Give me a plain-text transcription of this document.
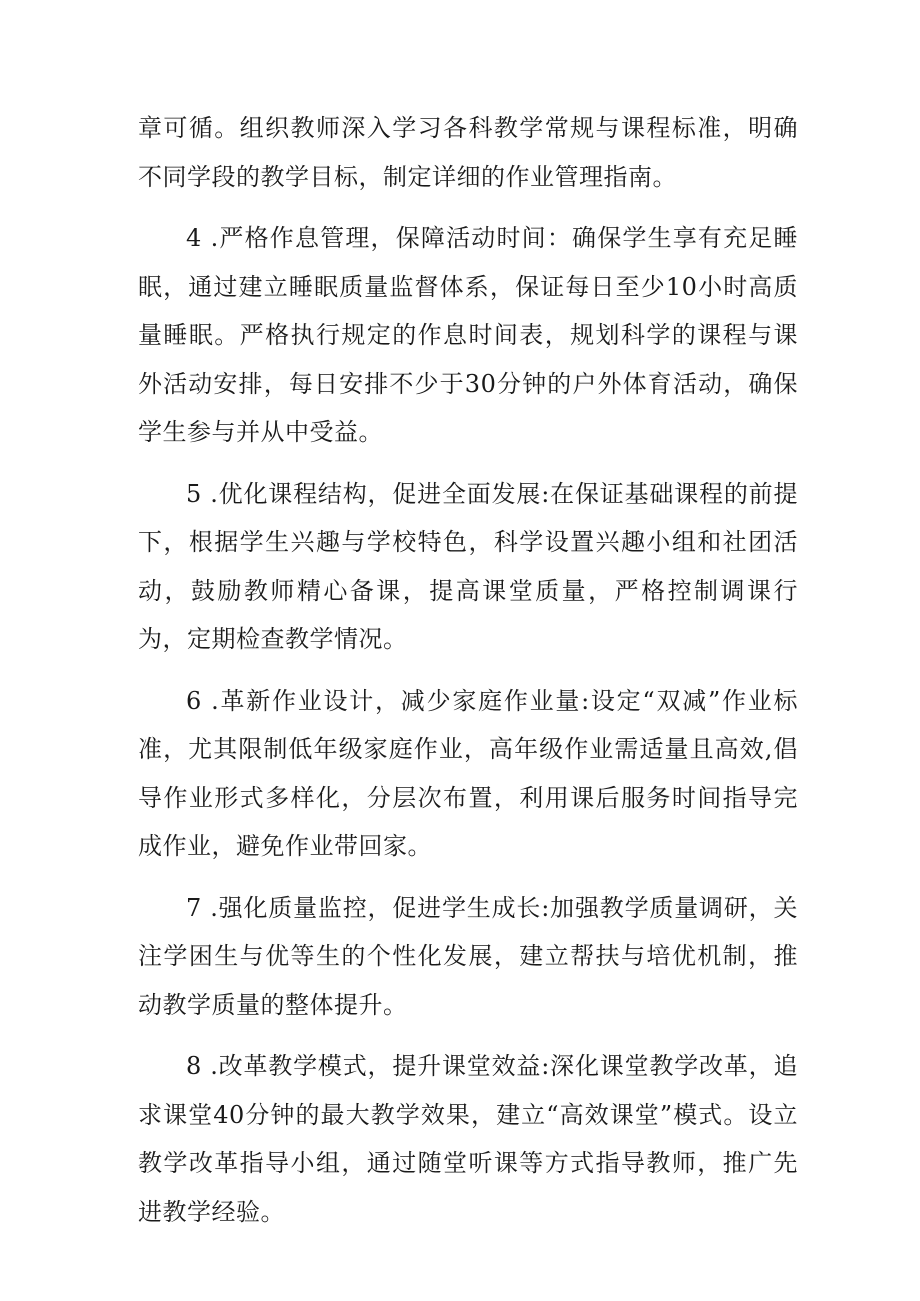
章可循。组织教师深入学习各科教学常规与课程标准，明确不同学段的教学目标，制定详细的作业管理指南。

4 .严格作息管理，保障活动时间：确保学生享有充足睡眠，通过建立睡眠质量监督体系，保证每日至少10小时高质量睡眠。严格执行规定的作息时间表，规划科学的课程与课外活动安排，每日安排不少于30分钟的户外体育活动，确保学生参与并从中受益。

5 .优化课程结构，促进全面发展:在保证基础课程的前提下，根据学生兴趣与学校特色，科学设置兴趣小组和社团活动，鼓励教师精心备课，提高课堂质量，严格控制调课行为，定期检查教学情况。

6 .革新作业设计，减少家庭作业量:设定“双减”作业标准，尤其限制低年级家庭作业，高年级作业需适量且高效,倡导作业形式多样化，分层次布置，利用课后服务时间指导完成作业，避免作业带回家。

7 .强化质量监控，促进学生成长:加强教学质量调研，关注学困生与优等生的个性化发展，建立帮扶与培优机制，推动教学质量的整体提升。

8 .改革教学模式，提升课堂效益:深化课堂教学改革，追求课堂40分钟的最大教学效果，建立“高效课堂”模式。设立教学改革指导小组，通过随堂听课等方式指导教师，推广先进教学经验。
